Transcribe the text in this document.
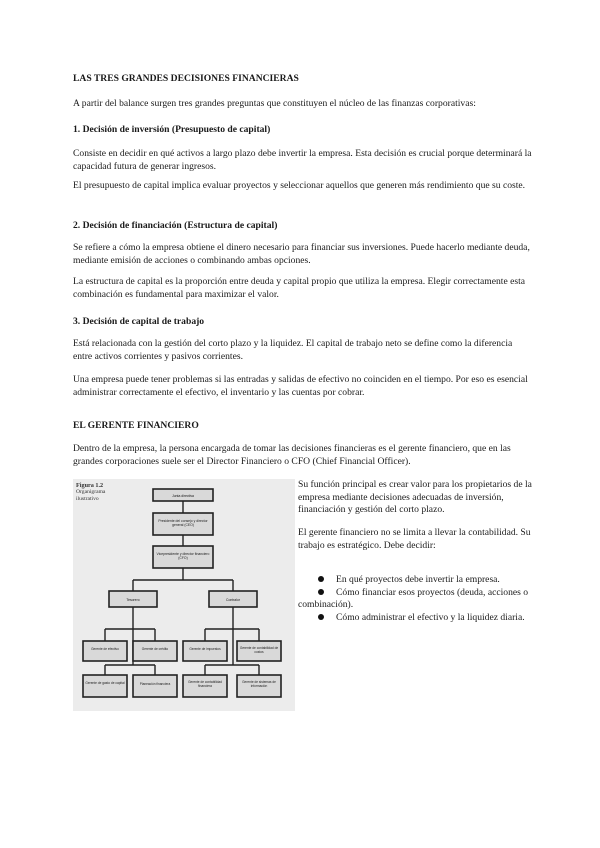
LAS TRES GRANDES DECISIONES FINANCIERAS

A partir del balance surgen tres grandes preguntas que constituyen el núcleo de las finanzas corporativas:

1. Decisión de inversión (Presupuesto de capital)

Consiste en decidir en qué activos a largo plazo debe invertir la empresa. Esta decisión es crucial porque determinará la capacidad futura de generar ingresos.

El presupuesto de capital implica evaluar proyectos y seleccionar aquellos que generen más rendimiento que su coste.

2. Decisión de financiación (Estructura de capital)

Se refiere a cómo la empresa obtiene el dinero necesario para financiar sus inversiones. Puede hacerlo mediante deuda, mediante emisión de acciones o combinando ambas opciones.

La estructura de capital es la proporción entre deuda y capital propio que utiliza la empresa. Elegir correctamente esta combinación es fundamental para maximizar el valor.

3. Decisión de capital de trabajo

Está relacionada con la gestión del corto plazo y la liquidez. El capital de trabajo neto se define como la diferencia entre activos corrientes y pasivos corrientes.

Una empresa puede tener problemas si las entradas y salidas de efectivo no coinciden en el tiempo. Por eso es esencial administrar correctamente el efectivo, el inventario y las cuentas por cobrar.

EL GERENTE FINANCIERO

Dentro de la empresa, la persona encargada de tomar las decisiones financieras es el gerente financiero, que en las grandes corporaciones suele ser el Director Financiero o CFO (Chief Financial Officer).

Figura 1.2
Organigrama ilustrativo	Junta directiva
Presidente del consejo y director general (CEO)
Vicepresidente y director financiero (CFO)
Tesorero	Contralor
Gerente de efectivo	Gerente de crédito	Gerente de impuestos	Gerente de contabilidad de costos
Gerente de gasto de capital	Planeación financiera	Gerente de contabilidad financiera
Gerente de sistemas de información

Su función principal es crear valor para los propietarios de la empresa mediante decisiones adecuadas de inversión, financiación y gestión del corto plazo.

El gerente financiero no se limita a llevar la contabilidad. Su trabajo es estratégico. Debe decidir:

En qué proyectos debe invertir la empresa.

Cómo financiar esos proyectos (deuda, acciones o combinación).

Cómo administrar el efectivo y la liquidez diaria.
